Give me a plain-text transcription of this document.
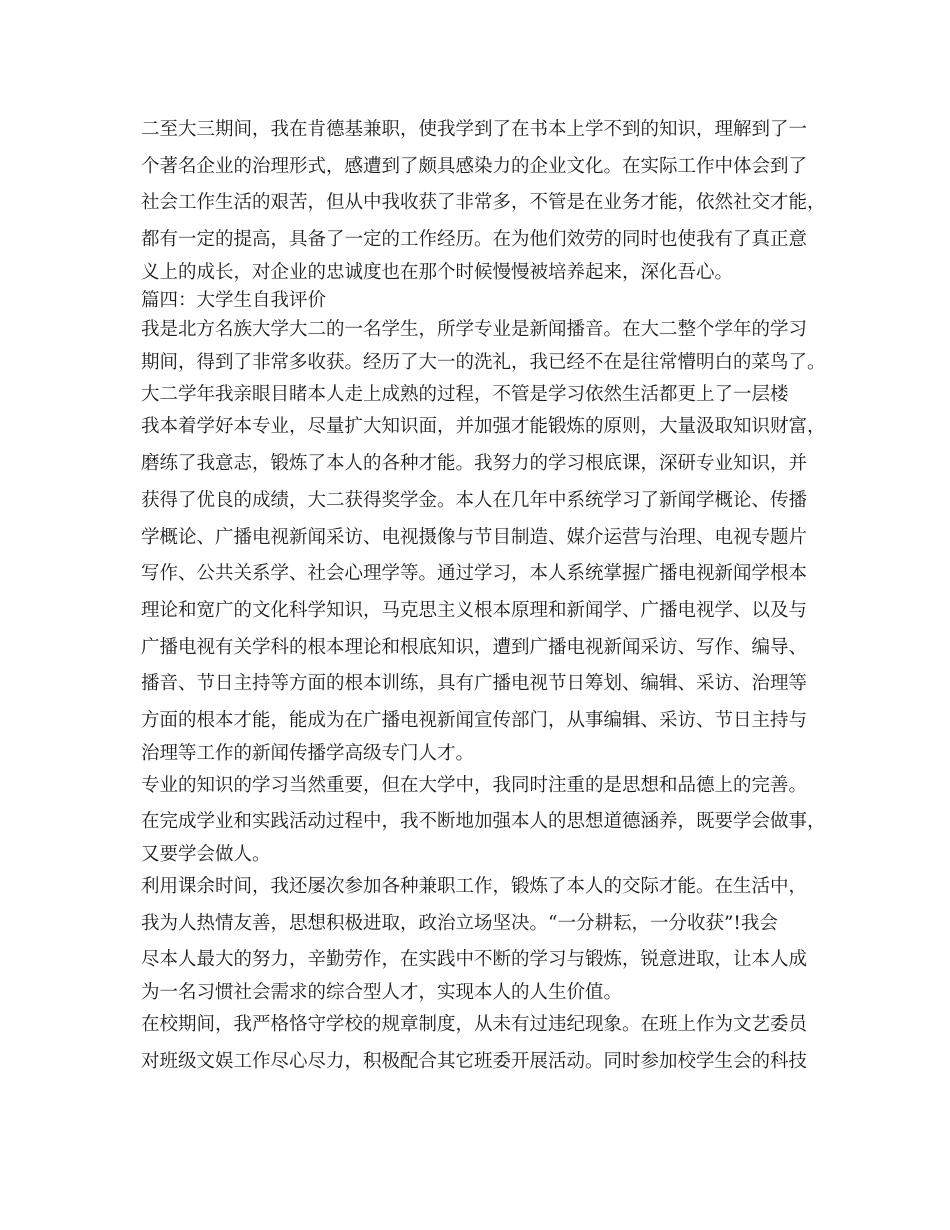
二至大三期间，我在肯德基兼职，使我学到了在书本上学不到的知识，理解到了一
个著名企业的治理形式，感遭到了颇具感染力的企业文化。在实际工作中体会到了
社会工作生活的艰苦，但从中我收获了非常多，不管是在业务才能，依然社交才能，
都有一定的提高，具备了一定的工作经历。在为他们效劳的同时也使我有了真正意
义上的成长，对企业的忠诚度也在那个时候慢慢被培养起来，深化吾心。
篇四：大学生自我评价
我是北方名族大学大二的一名学生，所学专业是新闻播音。在大二整个学年的学习
期间，得到了非常多收获。经历了大一的洗礼，我已经不在是往常懵明白的菜鸟了。
大二学年我亲眼目睹本人走上成熟的过程，不管是学习依然生活都更上了一层楼
我本着学好本专业，尽量扩大知识面，并加强才能锻炼的原则，大量汲取知识财富，
磨练了我意志，锻炼了本人的各种才能。我努力的学习根底课，深研专业知识，并
获得了优良的成绩，大二获得奖学金。本人在几年中系统学习了新闻学概论、传播
学概论、广播电视新闻采访、电视摄像与节目制造、媒介运营与治理、电视专题片
写作、公共关系学、社会心理学等。通过学习，本人系统掌握广播电视新闻学根本
理论和宽广的文化科学知识，马克思主义根本原理和新闻学、广播电视学、以及与
广播电视有关学科的根本理论和根底知识，遭到广播电视新闻采访、写作、编导、
播音、节日主持等方面的根本训练，具有广播电视节日筹划、编辑、采访、治理等
方面的根本才能，能成为在广播电视新闻宣传部门，从事编辑、采访、节日主持与
治理等工作的新闻传播学高级专门人才。
专业的知识的学习当然重要，但在大学中，我同时注重的是思想和品德上的完善。
在完成学业和实践活动过程中，我不断地加强本人的思想道德涵养，既要学会做事，
又要学会做人。
利用课余时间，我还屡次参加各种兼职工作，锻炼了本人的交际才能。在生活中，
我为人热情友善，思想积极进取，政治立场坚决。“一分耕耘，一分收获”!我会
尽本人最大的努力，辛勤劳作，在实践中不断的学习与锻炼，锐意进取，让本人成
为一名习惯社会需求的综合型人才，实现本人的人生价值。
在校期间，我严格恪守学校的规章制度，从未有过违纪现象。在班上作为文艺委员
对班级文娱工作尽心尽力，积极配合其它班委开展活动。同时参加校学生会的科技
